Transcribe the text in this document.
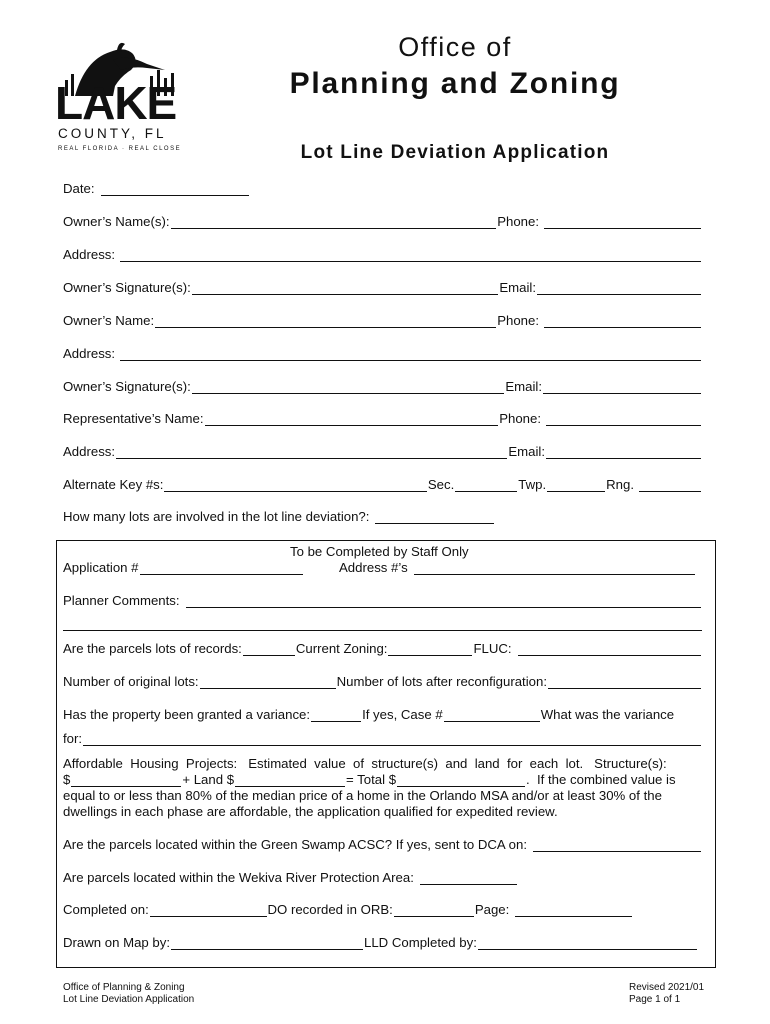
LAKE
COUNTY, FL
REAL FLORIDA · REAL CLOSE
Office of
Planning and Zoning
Lot Line Deviation Application
Date:
Owner’s Name(s):	Phone:
Address:
Owner’s Signature(s):	Email:
Owner’s Name:	Phone:
Address:
Owner’s Signature(s):	Email:
Representative’s Name:	Phone:
Address:	Email:
Alternate Key #s:	Sec.	Twp.	Rng.
How many lots are involved in the lot line deviation?:
To be Completed by Staff Only
Application #	Address #’s
Planner Comments:
Are the parcels lots of records:	Current Zoning:	FLUC:
Number of original lots:	Number of lots after reconfiguration:
Has the property been granted a variance:	If yes, Case #	What was the variance
for:
Affordable  Housing  Projects:   Estimated  value  of  structure(s)  and  land  for  each  lot.   Structure(s):
$	+ Land $	= Total $	.  If the combined value is
equal to or less than 80% of the median price of a home in the Orlando MSA and/or at least 30% of the
dwellings in each phase are affordable, the application qualified for expedited review.
Are the parcels located within the Green Swamp ACSC? If yes, sent to DCA on:
Are parcels located within the Wekiva River Protection Area:
Completed on:	DO recorded in ORB:	Page:
Drawn on Map by:	LLD Completed by:
Office of Planning & Zoning
Lot Line Deviation Application
Revised 2021/01
Page 1 of 1
